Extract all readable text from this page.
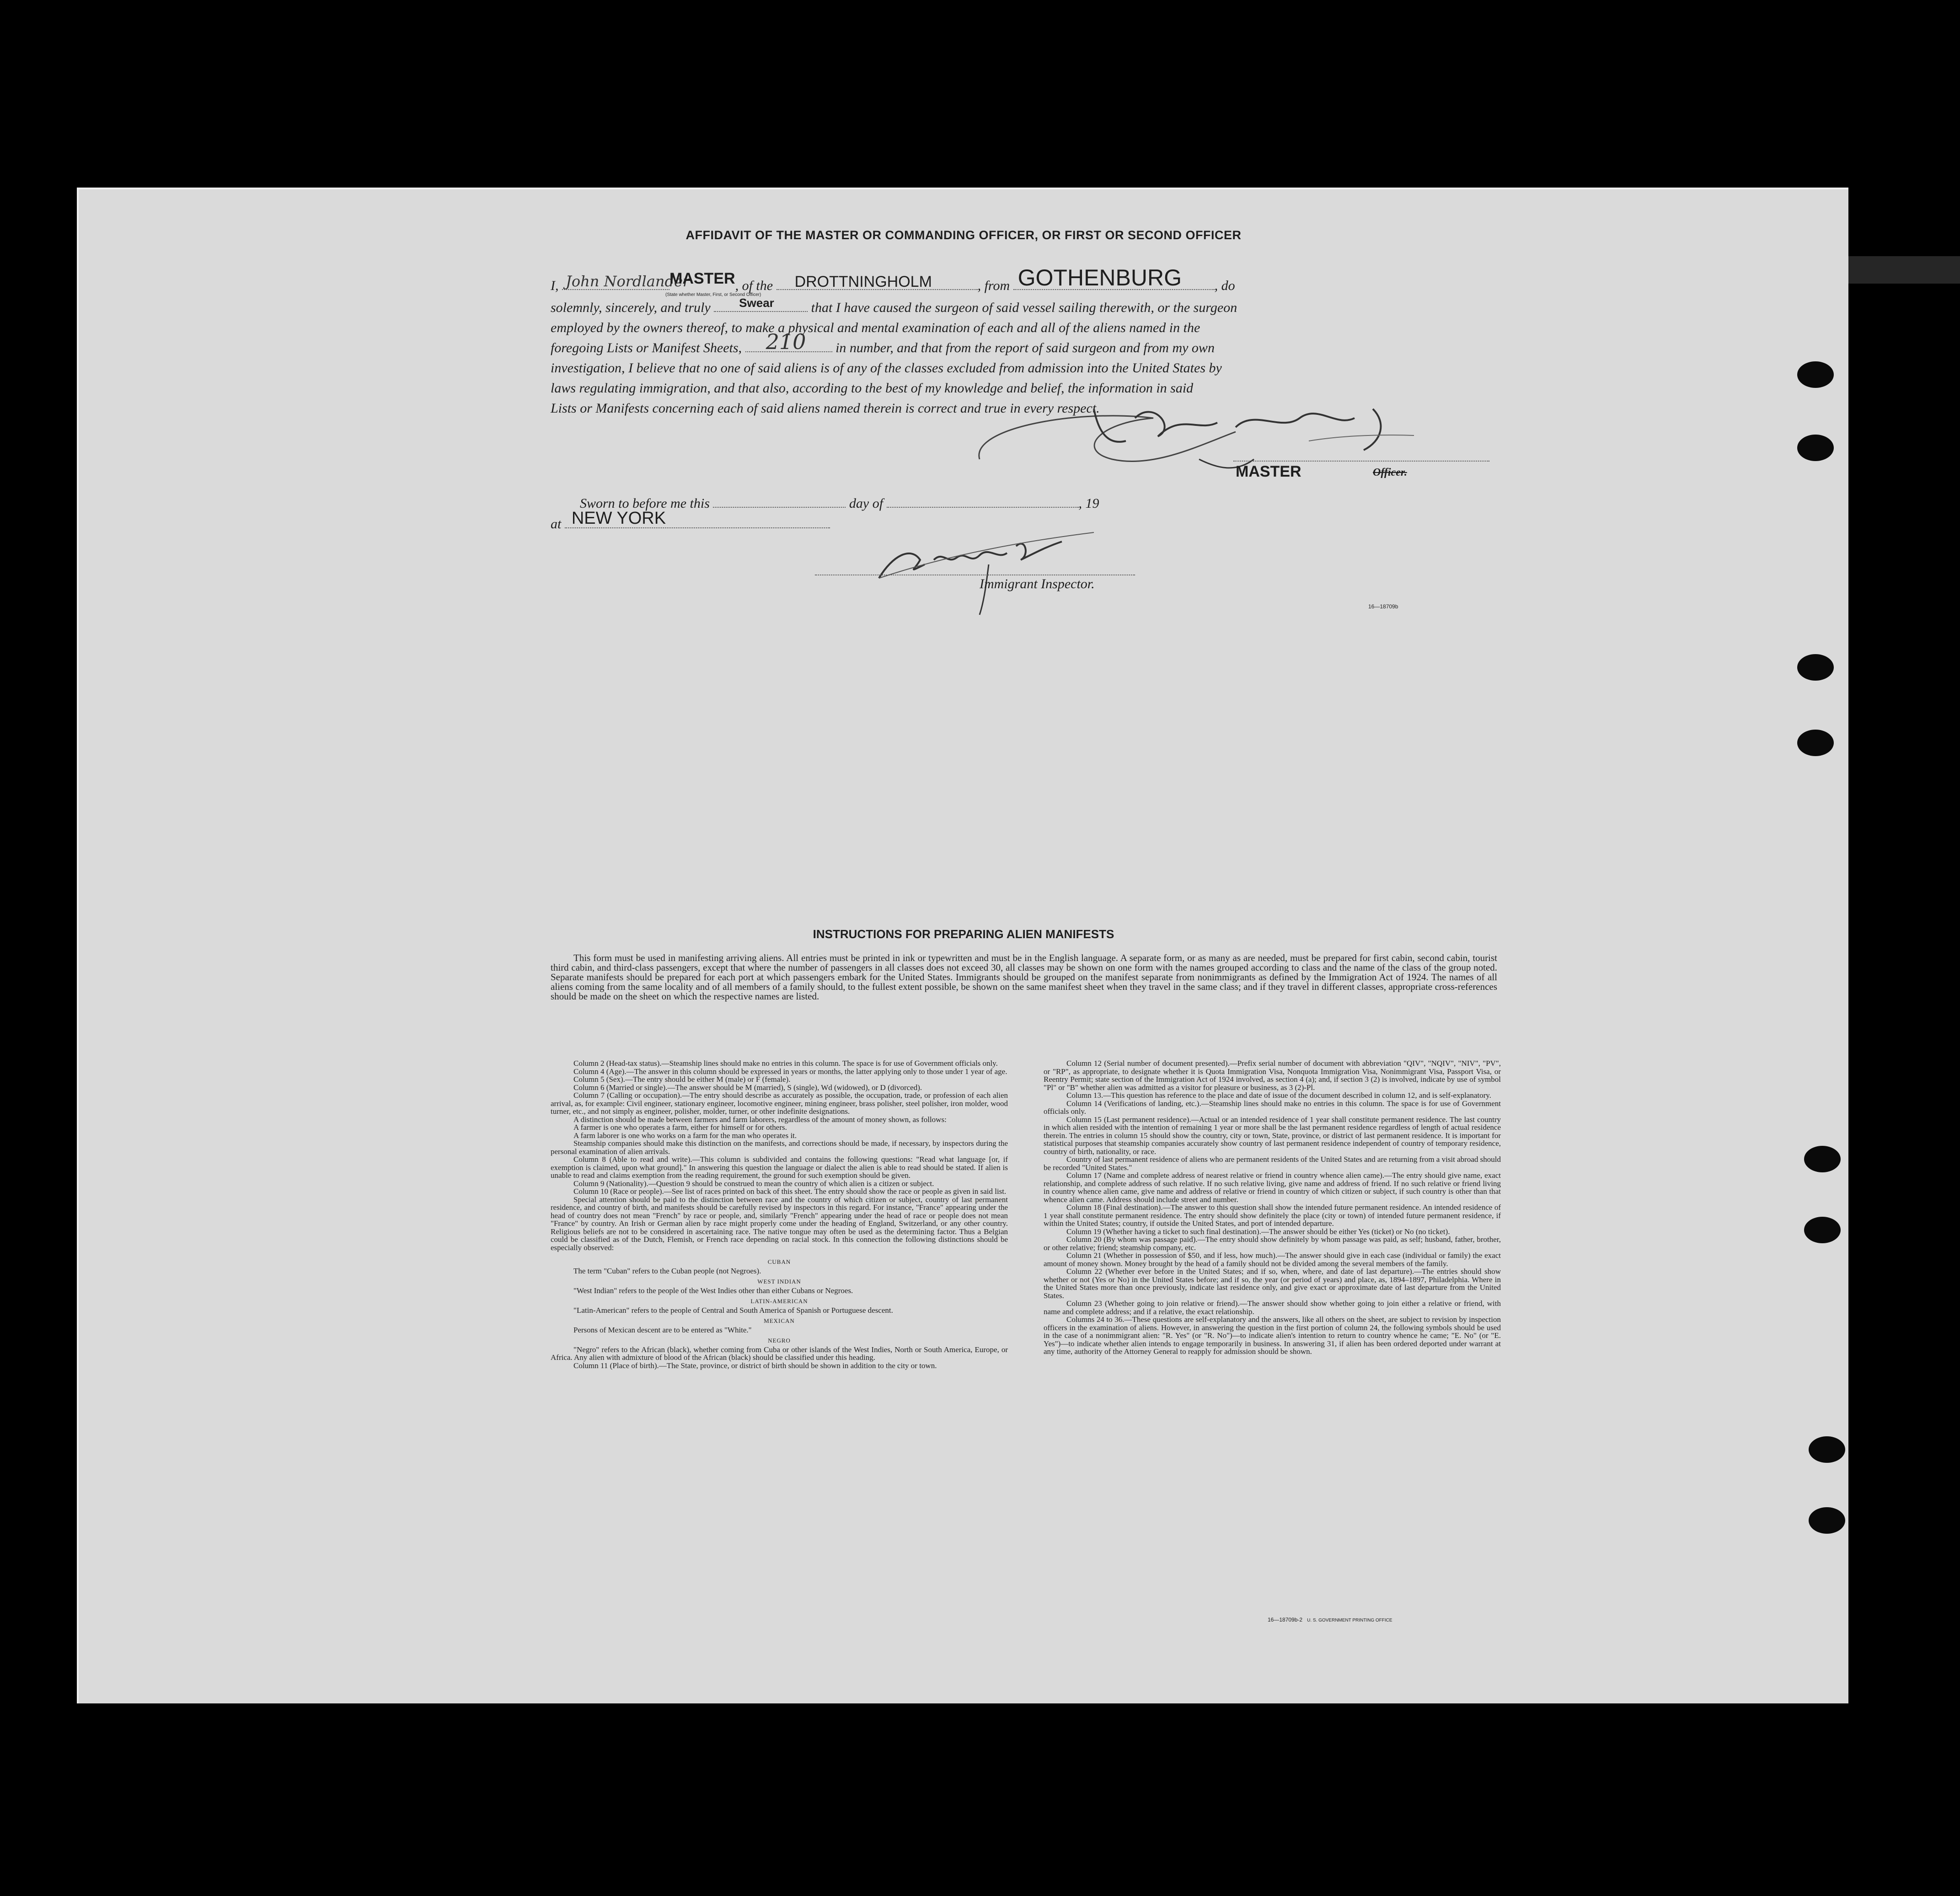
AFFIDAVIT OF THE MASTER OR COMMANDING OFFICER, OR FIRST OR SECOND OFFICER
I, John Nordlander
MASTER, of the DROTTNINGHOLM	, from GOTHENBURG , do
(State whether Master, First, or Second Officer)
solemnly, sincerely, and truly Swear	that I have caused the surgeon of said vessel sailing therewith, or the surgeon
employed by the owners thereof, to make a physical and mental examination of each and all of the aliens named in the
foregoing Lists or Manifest Sheets, 210 in number, and that from the report of said surgeon and from my own
investigation, I believe that no one of said aliens is of any of the classes excluded from admission into the United States by
laws regulating immigration, and that also, according to the best of my knowledge and belief, the information in said
Lists or Manifests concerning each of said aliens named therein is correct and true in every respect.
MASTER	Officer.
Sworn to before me this	day of	, 19
at NEW YORK
Immigrant Inspector.
16—18709b
INSTRUCTIONS FOR PREPARING ALIEN MANIFESTS
This form must be used in manifesting arriving aliens. All entries must be printed in ink or typewritten and must be in the English language. A separate form, or as many as are needed, must be prepared for first cabin, second cabin, tourist third cabin, and third-class passengers, except that where the number of passengers in all classes does not exceed 30, all classes may be shown on one form with the names grouped according to class and the name of the class of the group noted. Separate manifests should be prepared for each port at which passengers embark for the United States. Immigrants should be grouped on the manifest separate from nonimmigrants as defined by the Immigration Act of 1924. The names of all aliens coming from the same locality and of all members of a family should, to the fullest extent possible, be shown on the same manifest sheet when they travel in the same class; and if they travel in different classes, appropriate cross-references should be made on the sheet on which the respective names are listed.

Column 2 (Head-tax status).—Steamship lines should make no entries in this column. The space is for use of Government officials only.

Column 4 (Age).—The answer in this column should be expressed in years or months, the latter applying only to those under 1 year of age.

Column 5 (Sex).—The entry should be either M (male) or F (female).

Column 6 (Married or single).—The answer should be M (married), S (single), Wd (widowed), or D (divorced).

Column 7 (Calling or occupation).—The entry should describe as accurately as possible, the occupation, trade, or profession of each alien arrival, as, for example: Civil engineer, stationary engineer, locomotive engineer, mining engineer, brass polisher, steel polisher, iron molder, wood turner, etc., and not simply as engineer, polisher, molder, turner, or other indefinite designations.

A distinction should be made between farmers and farm laborers, regardless of the amount of money shown, as follows:

A farmer is one who operates a farm, either for himself or for others.

A farm laborer is one who works on a farm for the man who operates it.

Steamship companies should make this distinction on the manifests, and corrections should be made, if necessary, by inspectors during the personal examination of alien arrivals.

Column 8 (Able to read and write).—This column is subdivided and contains the following questions: "Read what language [or, if exemption is claimed, upon what ground]." In answering this question the language or dialect the alien is able to read should be stated. If alien is unable to read and claims exemption from the reading requirement, the ground for such exemption should be given.

Column 9 (Nationality).—Question 9 should be construed to mean the country of which alien is a citizen or subject.

Column 10 (Race or people).—See list of races printed on back of this sheet. The entry should show the race or people as given in said list.

Special attention should be paid to the distinction between race and the country of which citizen or subject, country of last permanent residence, and country of birth, and manifests should be carefully revised by inspectors in this regard. For instance, "France" appearing under the head of country does not mean "French" by race or people, and, similarly "French" appearing under the head of race or people does not mean "France" by country. An Irish or German alien by race might properly come under the heading of England, Switzerland, or any other country. Religious beliefs are not to be considered in ascertaining race. The native tongue may often be used as the determining factor. Thus a Belgian could be classified as of the Dutch, Flemish, or French race depending on racial stock. In this connection the following distinctions should be especially observed:

CUBAN

The term "Cuban" refers to the Cuban people (not Negroes).

WEST INDIAN

"West Indian" refers to the people of the West Indies other than either Cubans or Negroes.

LATIN-AMERICAN

"Latin-American" refers to the people of Central and South America of Spanish or Portuguese descent.

MEXICAN

Persons of Mexican descent are to be entered as "White."

NEGRO

"Negro" refers to the African (black), whether coming from Cuba or other islands of the West Indies, North or South America, Europe, or Africa. Any alien with admixture of blood of the African (black) should be classified under this heading.

Column 11 (Place of birth).—The State, province, or district of birth should be shown in addition to the city or town.

Column 12 (Serial number of document presented).—Prefix serial number of document with abbreviation "QIV", "NQIV", "NIV", "PV", or "RP", as appropriate, to designate whether it is Quota Immigration Visa, Nonquota Immigration Visa, Nonimmigrant Visa, Passport Visa, or Reentry Permit; state section of the Immigration Act of 1924 involved, as section 4 (a); and, if section 3 (2) is involved, indicate by use of symbol "Pl" or "B" whether alien was admitted as a visitor for pleasure or business, as 3 (2)-Pl.

Column 13.—This question has reference to the place and date of issue of the document described in column 12, and is self-explanatory.

Column 14 (Verifications of landing, etc.).—Steamship lines should make no entries in this column. The space is for use of Government officials only.

Column 15 (Last permanent residence).—Actual or an intended residence of 1 year shall constitute permanent residence. The last country in which alien resided with the intention of remaining 1 year or more shall be the last permanent residence regardless of length of actual residence therein. The entries in column 15 should show the country, city or town, State, province, or district of last permanent residence. It is important for statistical purposes that steamship companies accurately show country of last permanent residence independent of country of temporary residence, country of birth, nationality, or race.

Country of last permanent residence of aliens who are permanent residents of the United States and are returning from a visit abroad should be recorded "United States."

Column 17 (Name and complete address of nearest relative or friend in country whence alien came).—The entry should give name, exact relationship, and complete address of such relative. If no such relative living, give name and address of friend. If no such relative or friend living in country whence alien came, give name and address of relative or friend in country of which citizen or subject, if such country is other than that whence alien came. Address should include street and number.

Column 18 (Final destination).—The answer to this question shall show the intended future permanent residence. An intended residence of 1 year shall constitute permanent residence. The entry should show definitely the place (city or town) of intended future permanent residence, if within the United States; country, if outside the United States, and port of intended departure.

Column 19 (Whether having a ticket to such final destination).—The answer should be either Yes (ticket) or No (no ticket).

Column 20 (By whom was passage paid).—The entry should show definitely by whom passage was paid, as self; husband, father, brother, or other relative; friend; steamship company, etc.

Column 21 (Whether in possession of $50, and if less, how much).—The answer should give in each case (individual or family) the exact amount of money shown. Money brought by the head of a family should not be divided among the several members of the family.

Column 22 (Whether ever before in the United States; and if so, when, where, and date of last departure).—The entries should show whether or not (Yes or No) in the United States before; and if so, the year (or period of years) and place, as, 1894–1897, Philadelphia. Where in the United States more than once previously, indicate last residence only, and give exact or approximate date of last departure from the United States.

Column 23 (Whether going to join relative or friend).—The answer should show whether going to join either a relative or friend, with name and complete address; and if a relative, the exact relationship.

Columns 24 to 36.—These questions are self-explanatory and the answers, like all others on the sheet, are subject to revision by inspection officers in the examination of aliens. However, in answering the question in the first portion of column 24, the following symbols should be used in the case of a nonimmigrant alien: "R. Yes" (or "R. No")—to indicate alien's intention to return to country whence he came; "E. No" (or "E. Yes")—to indicate whether alien intends to engage temporarily in business. In answering 31, if alien has been ordered deported under warrant at any time, authority of the Attorney General to reapply for admission should be shown.

16—18709b-2 U. S. GOVERNMENT PRINTING OFFICE
